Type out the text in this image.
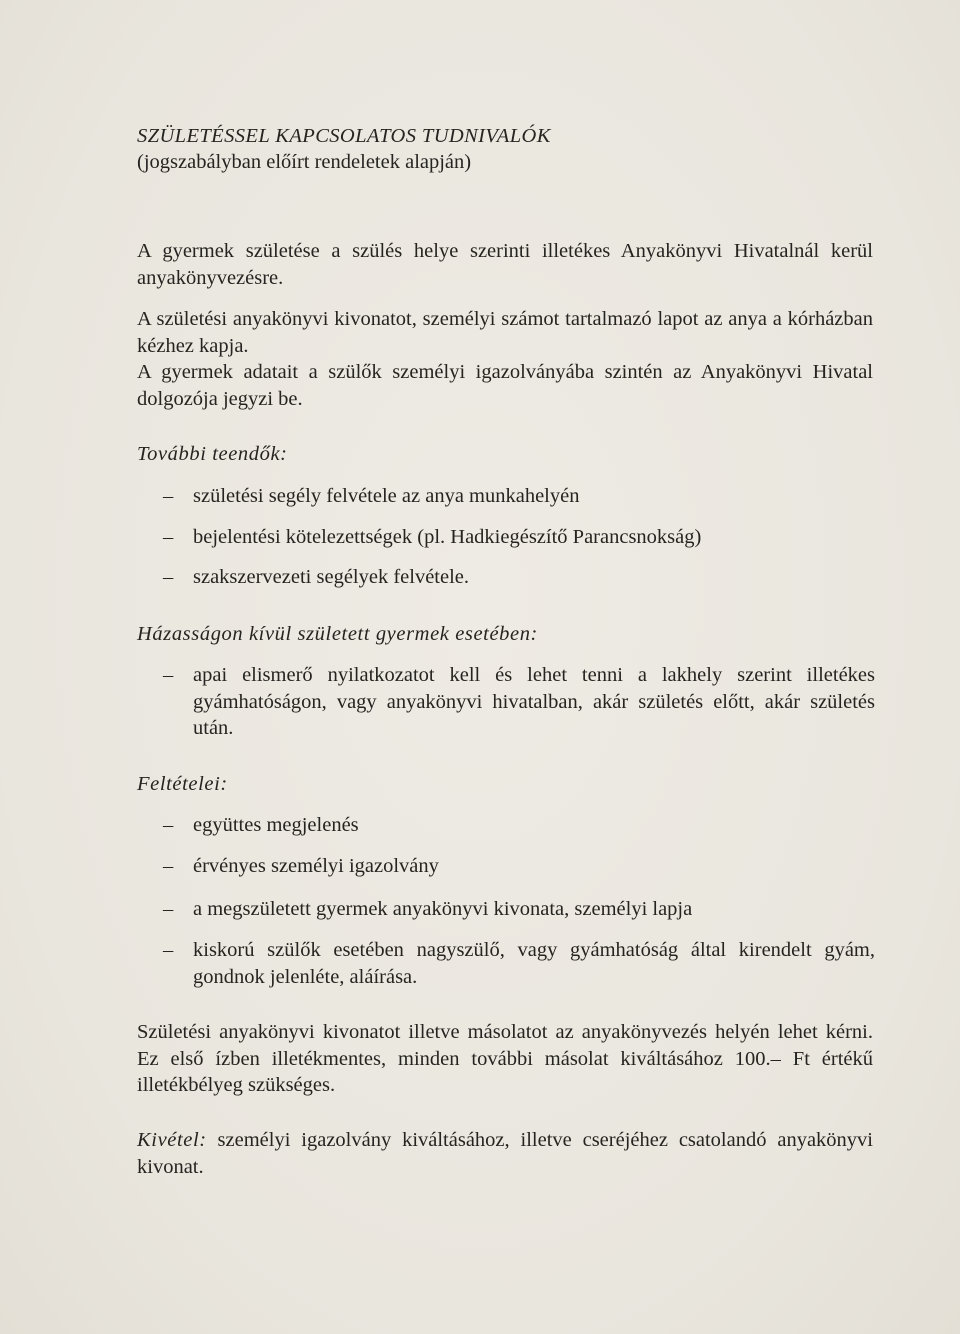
SZÜLETÉSSEL KAPCSOLATOS TUDNIVALÓK
(jogszabályban előírt rendeletek alapján)
A gyermek születése a szülés helye szerinti illetékes Anyakönyvi Hivatalnál kerül anyakönyvezésre.
A születési anyakönyvi kivonatot, személyi számot tartalmazó lapot az anya a kórházban kézhez kapja.
A gyermek adatait a szülők személyi igazolványába szintén az Anyakönyvi Hivatal dolgozója jegyzi be.
További teendők:
– születési segély felvétele az anya munkahelyén
– bejelentési kötelezettségek (pl. Hadkiegészítő Parancsnokság)
– szakszervezeti segélyek felvétele.
Házasságon kívül született gyermek esetében:
– apai elismerő nyilatkozatot kell és lehet tenni a lakhely szerint illetékes gyámhatóságon, vagy anyakönyvi hivatalban, akár születés előtt, akár születés után.
Feltételei:
– együttes megjelenés
– érvényes személyi igazolvány
– a megszületett gyermek anyakönyvi kivonata, személyi lapja
– kiskorú szülők esetében nagyszülő, vagy gyámhatóság által kirendelt gyám, gondnok jelenléte, aláírása.
Születési anyakönyvi kivonatot illetve másolatot az anyakönyvezés helyén lehet kérni. Ez első ízben illetékmentes, minden további másolat kiváltásához 100.– Ft értékű illetékbélyeg szükséges.
Kivétel: személyi igazolvány kiváltásához, illetve cseréjéhez csatolandó anyakönyvi kivonat.
